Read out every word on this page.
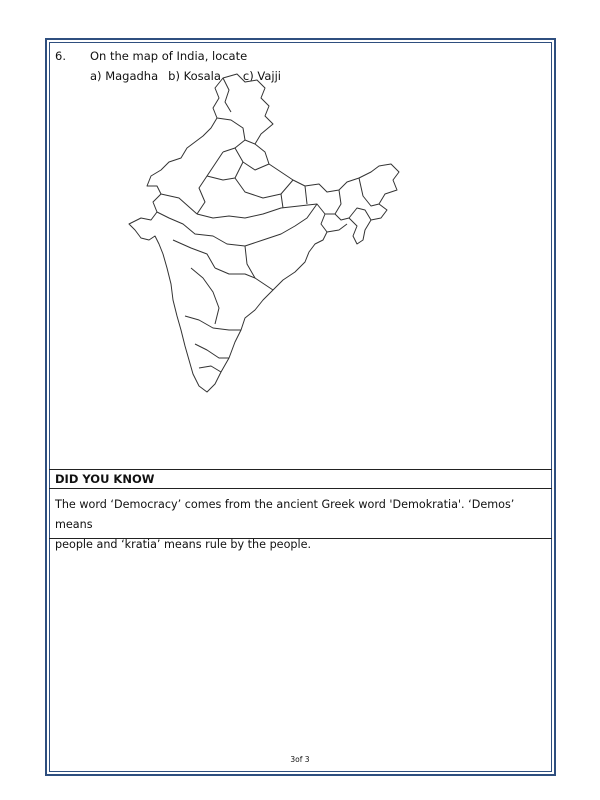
6. On the map of India, locate
a) Magadha b) Kosala c) Vajji
DID YOU KNOW
The word ‘Democracy’ comes from the ancient Greek word 'Demokratia'. ‘Demos’ means
people and ‘kratia’ means rule by the people.
3of 3
